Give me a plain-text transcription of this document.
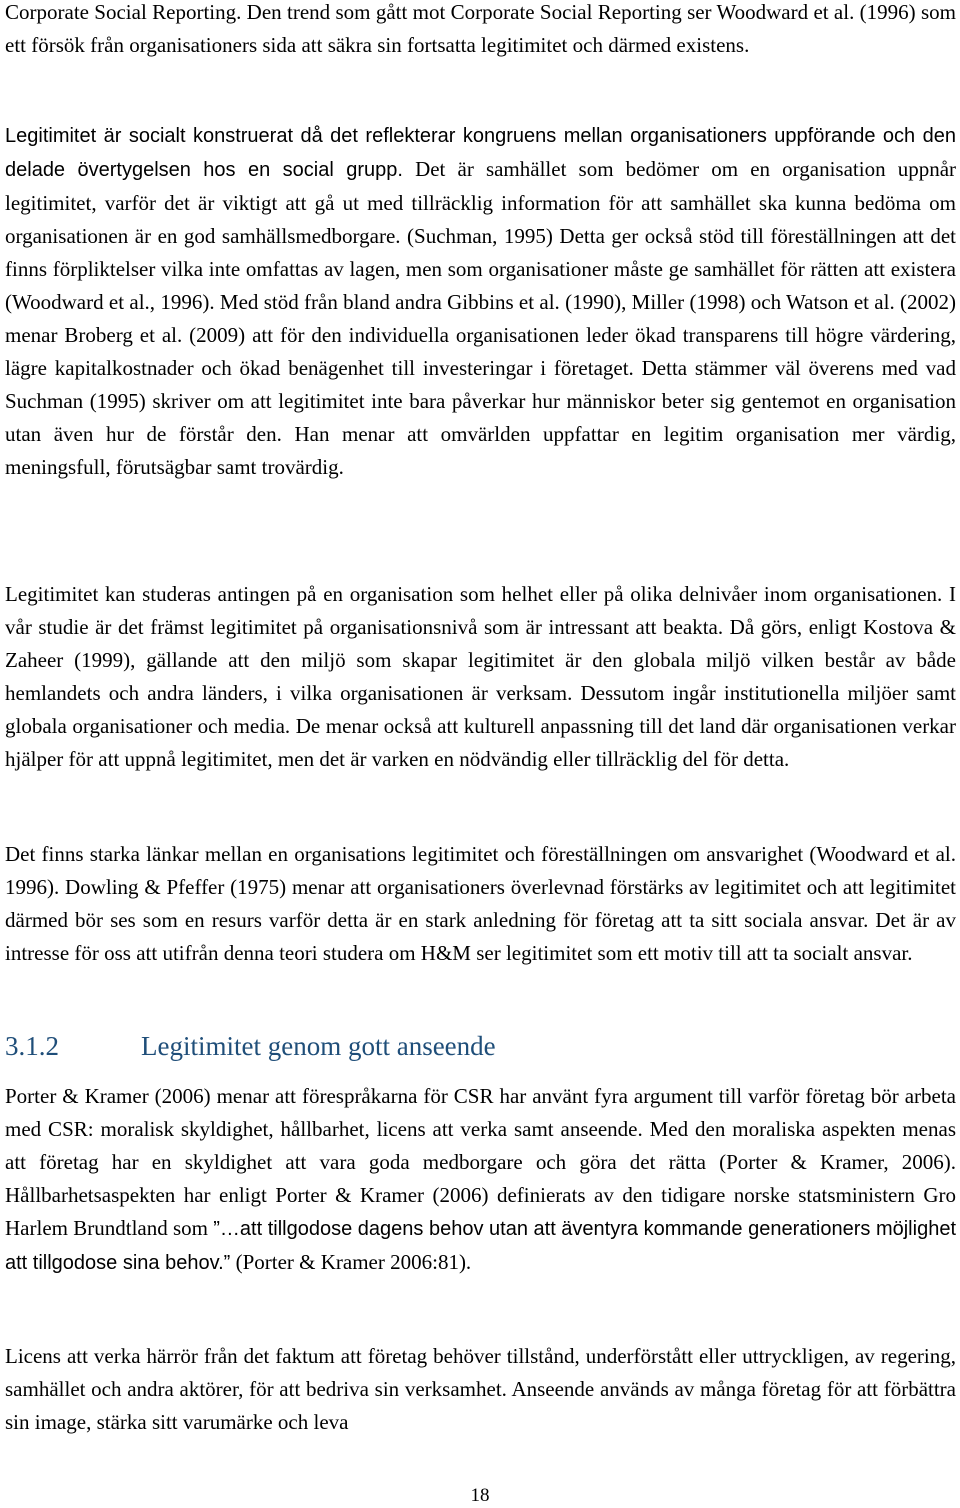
Corporate Social Reporting. Den trend som gått mot Corporate Social Reporting ser Woodward et al. (1996) som ett försök från organisationers sida att säkra sin fortsatta legitimitet och därmed existens.

Legitimitet är socialt konstruerat då det reflekterar kongruens mellan organisationers uppförande och den delade övertygelsen hos en social grupp. Det är samhället som bedömer om en organisation uppnår legitimitet, varför det är viktigt att gå ut med tillräcklig information för att samhället ska kunna bedöma om organisationen är en god samhällsmedborgare. (Suchman, 1995) Detta ger också stöd till föreställningen att det finns förpliktelser vilka inte omfattas av lagen, men som organisationer måste ge samhället för rätten att existera (Woodward et al., 1996). Med stöd från bland andra Gibbins et al. (1990), Miller (1998) och Watson et al. (2002) menar Broberg et al. (2009) att för den individuella organisationen leder ökad transparens till högre värdering, lägre kapitalkostnader och ökad benägenhet till investeringar i företaget. Detta stämmer väl överens med vad Suchman (1995) skriver om att legitimitet inte bara påverkar hur människor beter sig gentemot en organisation utan även hur de förstår den. Han menar att omvärlden uppfattar en legitim organisation mer värdig, meningsfull, förutsägbar samt trovärdig.

Legitimitet kan studeras antingen på en organisation som helhet eller på olika delnivåer inom organisationen. I vår studie är det främst legitimitet på organisationsnivå som är intressant att beakta. Då görs, enligt Kostova & Zaheer (1999), gällande att den miljö som skapar legitimitet är den globala miljö vilken består av både hemlandets och andra länders, i vilka organisationen är verksam. Dessutom ingår institutionella miljöer samt globala organisationer och media. De menar också att kulturell anpassning till det land där organisationen verkar hjälper för att uppnå legitimitet, men det är varken en nödvändig eller tillräcklig del för detta.

Det finns starka länkar mellan en organisations legitimitet och föreställningen om ansvarighet (Woodward et al. 1996). Dowling & Pfeffer (1975) menar att organisationers överlevnad förstärks av legitimitet och att legitimitet därmed bör ses som en resurs varför detta är en stark anledning för företag att ta sitt sociala ansvar. Det är av intresse för oss att utifrån denna teori studera om H&M ser legitimitet som ett motiv till att ta socialt ansvar.

3.1.2	Legitimitet genom gott anseende

Porter & Kramer (2006) menar att förespråkarna för CSR har använt fyra argument till varför företag bör arbeta med CSR: moralisk skyldighet, hållbarhet, licens att verka samt anseende. Med den moraliska aspekten menas att företag har en skyldighet att vara goda medborgare och göra det rätta (Porter & Kramer, 2006). Hållbarhetsaspekten har enligt Porter & Kramer (2006) definierats av den tidigare norske statsministern Gro Harlem Brundtland som ”…att tillgodose dagens behov utan att äventyra kommande generationers möjlighet att tillgodose sina behov.” (Porter & Kramer 2006:81).

Licens att verka härrör från det faktum att företag behöver tillstånd, underförstått eller uttryckligen, av regering, samhället och andra aktörer, för att bedriva sin verksamhet. Anseende används av många företag för att förbättra sin image, stärka sitt varumärke och leva

18
